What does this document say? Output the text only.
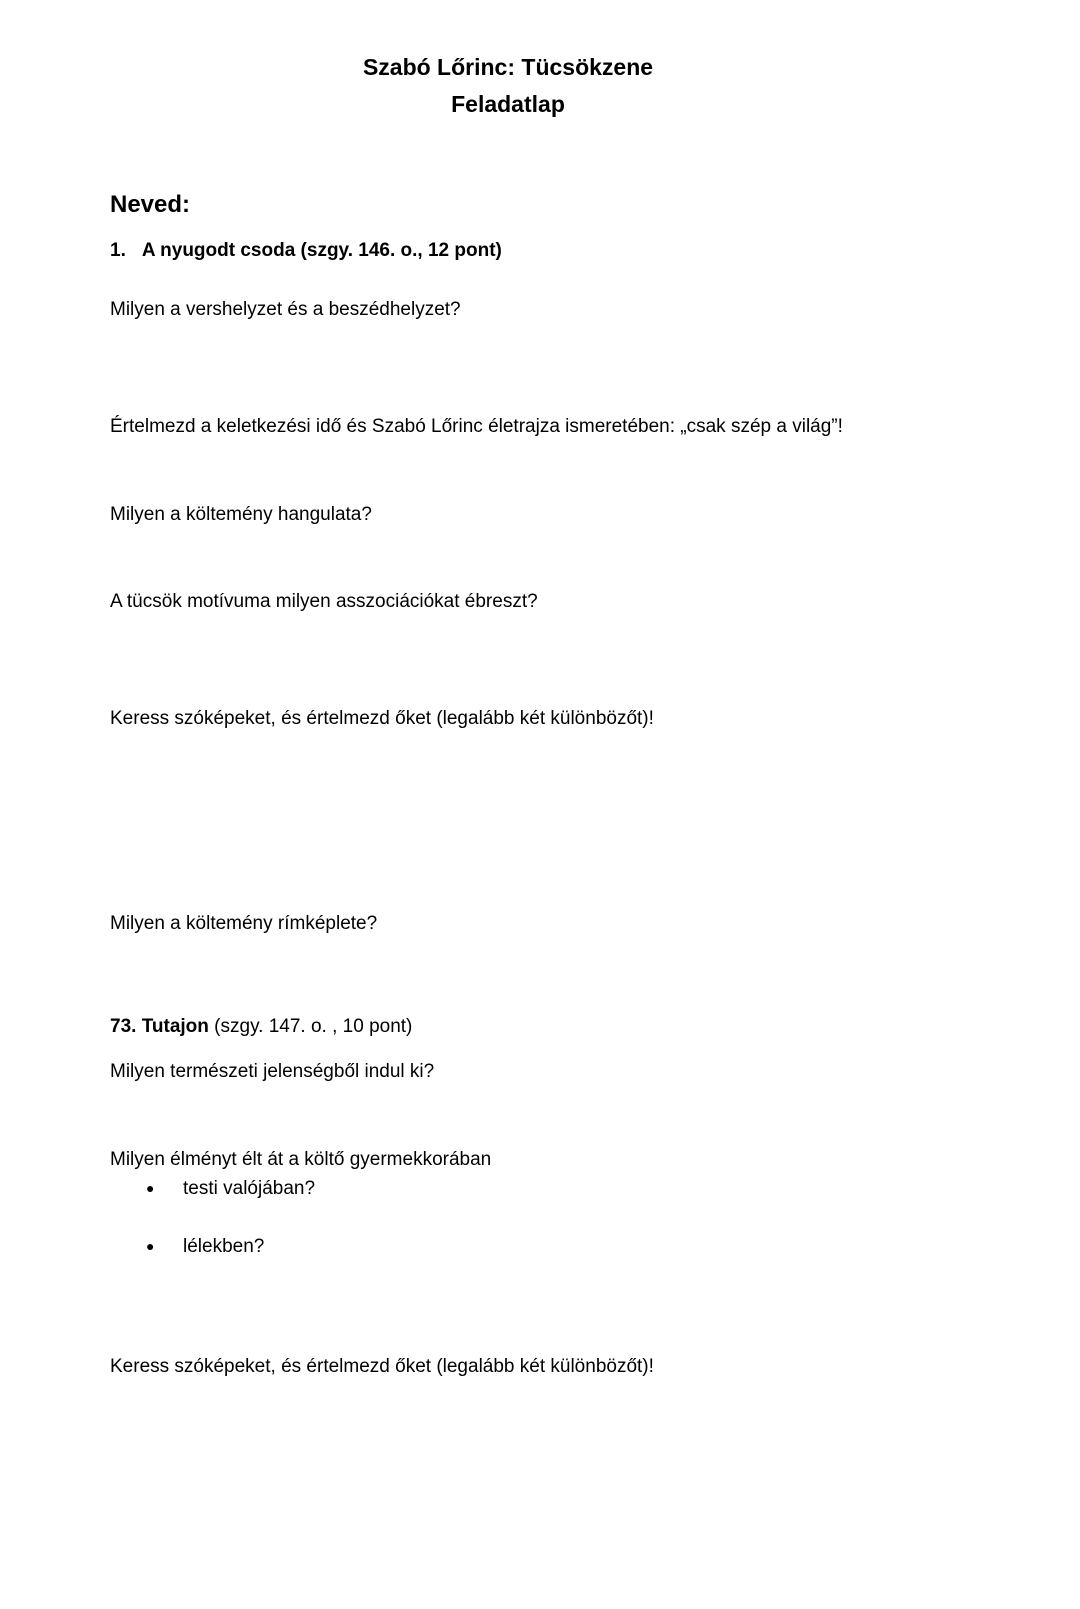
Szabó Lőrinc: Tücsökzene
Feladatlap
Neved:
1. A nyugodt csoda (szgy. 146. o., 12 pont)
Milyen a vershelyzet és a beszédhelyzet?
Értelmezd a keletkezési idő és Szabó Lőrinc életrajza ismeretében: „csak szép a világ”!
Milyen a költemény hangulata?
A tücsök motívuma milyen asszociációkat ébreszt?
Keress szóképeket, és értelmezd őket (legalább két különbözőt)!
Milyen a költemény rímképlete?
73. Tutajon (szgy. 147. o. , 10 pont)
Milyen természeti jelenségből indul ki?
Milyen élményt élt át a költő gyermekkorában
● testi valójában?
● lélekben?
Keress szóképeket, és értelmezd őket (legalább két különbözőt)!
